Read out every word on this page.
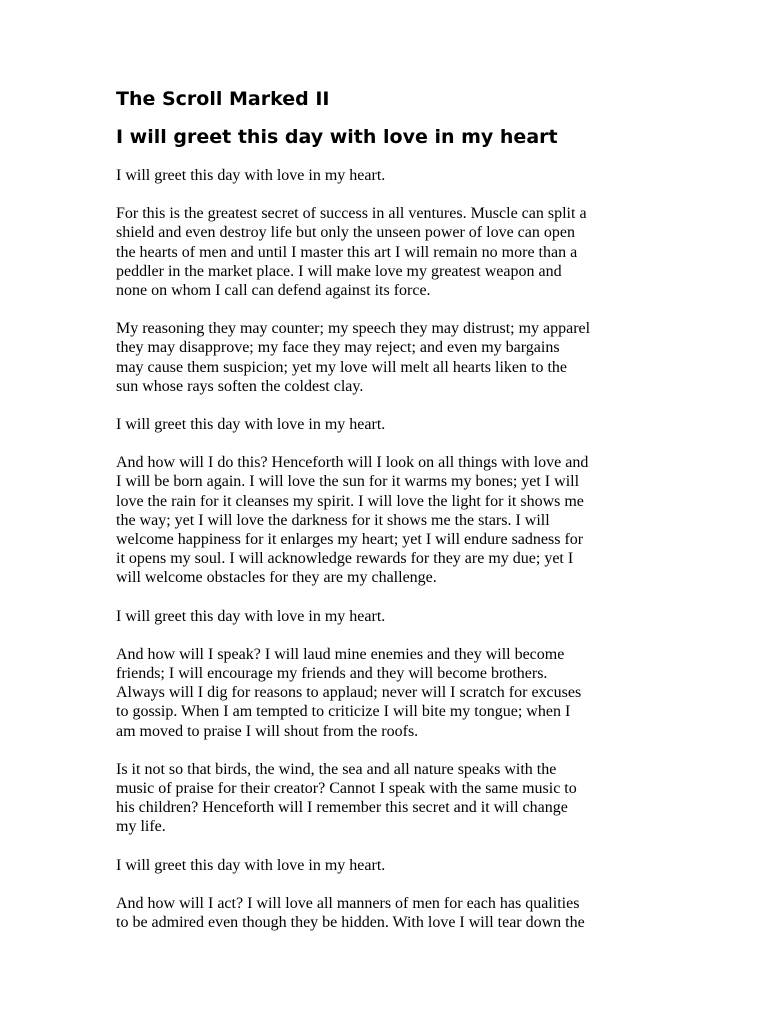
The Scroll Marked II
I will greet this day with love in my heart

I will greet this day with love in my heart.

For this is the greatest secret of success in all ventures. Muscle can split a
shield and even destroy life but only the unseen power of love can open
the hearts of men and until I master this art I will remain no more than a
peddler in the market place. I will make love my greatest weapon and
none on whom I call can defend against its force.

My reasoning they may counter; my speech they may distrust; my apparel
they may disapprove; my face they may reject; and even my bargains
may cause them suspicion; yet my love will melt all hearts liken to the
sun whose rays soften the coldest clay.

I will greet this day with love in my heart.

And how will I do this? Henceforth will I look on all things with love and
I will be born again. I will love the sun for it warms my bones; yet I will
love the rain for it cleanses my spirit. I will love the light for it shows me
the way; yet I will love the darkness for it shows me the stars. I will
welcome happiness for it enlarges my heart; yet I will endure sadness for
it opens my soul. I will acknowledge rewards for they are my due; yet I
will welcome obstacles for they are my challenge.

I will greet this day with love in my heart.

And how will I speak? I will laud mine enemies and they will become
friends; I will encourage my friends and they will become brothers.
Always will I dig for reasons to applaud; never will I scratch for excuses
to gossip. When I am tempted to criticize I will bite my tongue; when I
am moved to praise I will shout from the roofs.

Is it not so that birds, the wind, the sea and all nature speaks with the
music of praise for their creator? Cannot I speak with the same music to
his children? Henceforth will I remember this secret and it will change
my life.

I will greet this day with love in my heart.

And how will I act? I will love all manners of men for each has qualities
to be admired even though they be hidden. With love I will tear down the
